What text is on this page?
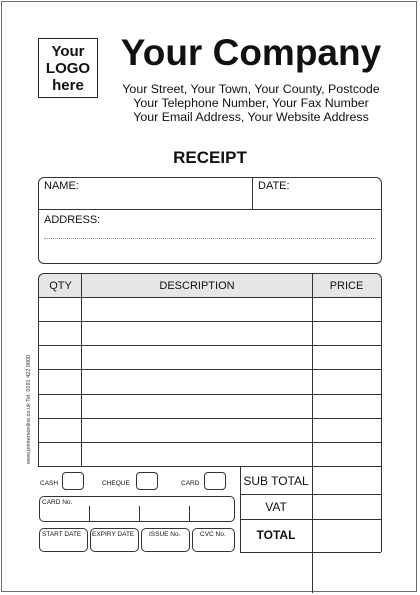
Your
LOGO
here
Your Company
Your Street, Your Town, Your County, Postcode
Your Telephone Number, Your Fax Number
Your Email Address, Your Website Address
RECEIPT
NAME:	DATE:
ADDRESS:
QTY	DESCRIPTION	PRICE
SUB TOTAL
VAT
TOTAL
CASH	CHEQUE	CARD
CARD No.
START DATE EXPIRY DATE ISSUE No.	CVC No.
www.printersonline.co.uk Tel: 0191 422 0800
